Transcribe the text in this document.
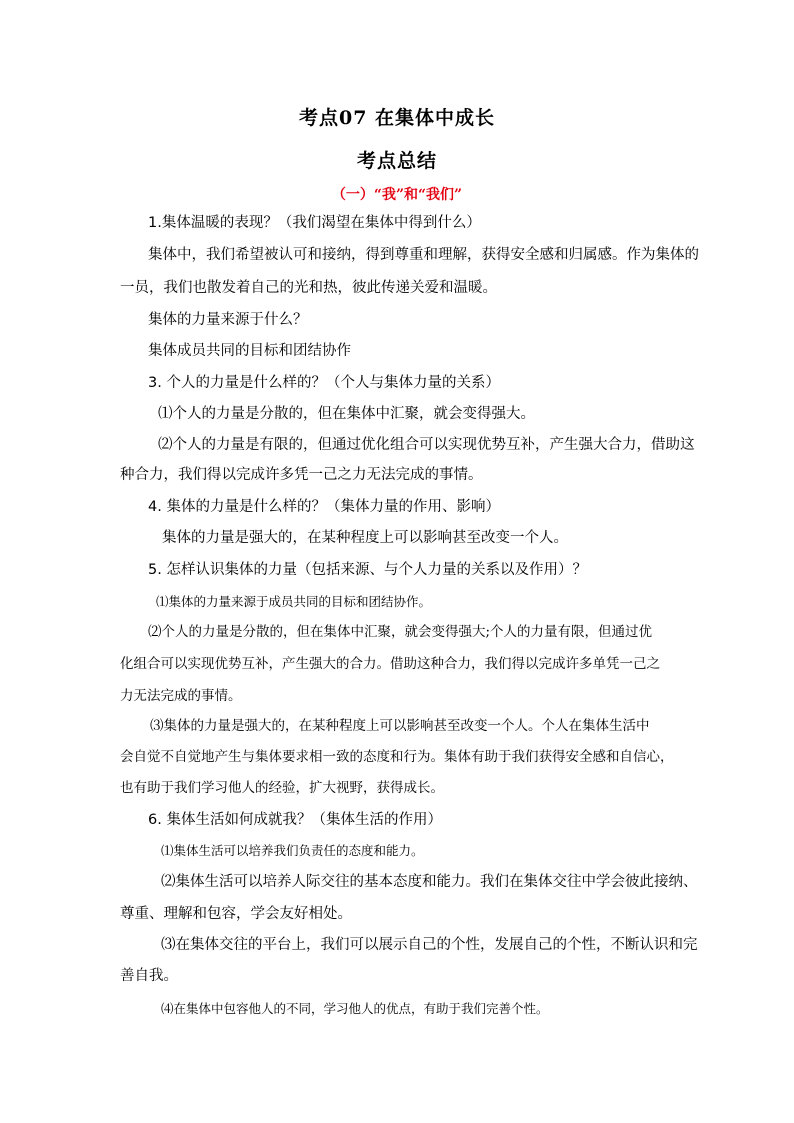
考点07 在集体中成长
考点总结
（一）“我”和“我们”
1.集体温暖的表现？（我们渴望在集体中得到什么）
集体中，我们希望被认可和接纳，得到尊重和理解，获得安全感和归属感。作为集体的
一员，我们也散发着自己的光和热，彼此传递关爱和温暖。
集体的力量来源于什么？
集体成员共同的目标和团结协作
3. 个人的力量是什么样的？（个人与集体力量的关系）
⑴个人的力量是分散的，但在集体中汇聚，就会变得强大。
⑵个人的力量是有限的，但通过优化组合可以实现优势互补，产生强大合力，借助这
种合力，我们得以完成许多凭一己之力无法完成的事情。
4. 集体的力量是什么样的？（集体力量的作用、影响）
集体的力量是强大的，在某种程度上可以影响甚至改变一个人。
5. 怎样认识集体的力量（包括来源、与个人力量的关系以及作用）？
⑴集体的力量来源于成员共同的目标和团结协作。
⑵个人的力量是分散的，但在集体中汇聚，就会变得强大;个人的力量有限，但通过优
化组合可以实现优势互补，产生强大的合力。借助这种合力，我们得以完成许多单凭一己之
力无法完成的事情。
⑶集体的力量是强大的，在某种程度上可以影响甚至改变一个人。个人在集体生活中
会自觉不自觉地产生与集体要求相一致的态度和行为。集体有助于我们获得安全感和自信心，
也有助于我们学习他人的经验，扩大视野，获得成长。
6. 集体生活如何成就我？（集体生活的作用）
⑴集体生活可以培养我们负责任的态度和能力。
⑵集体生活可以培养人际交往的基本态度和能力。我们在集体交往中学会彼此接纳、
尊重、理解和包容，学会友好相处。
⑶在集体交往的平台上，我们可以展示自己的个性，发展自己的个性，不断认识和完
善自我。
⑷在集体中包容他人的不同，学习他人的优点，有助于我们完善个性。
